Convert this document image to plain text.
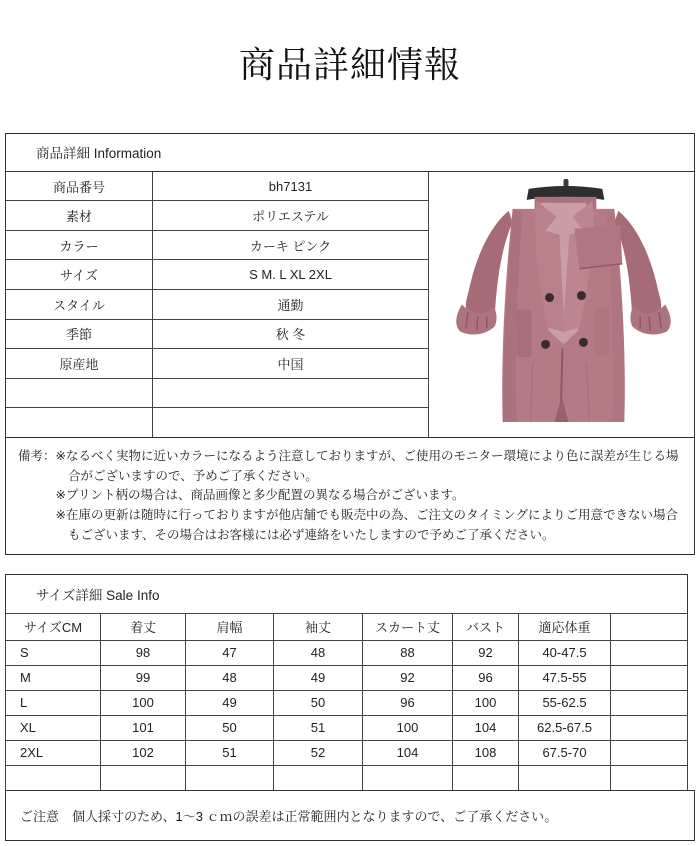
商品詳細情報
商品詳細 Information
商品番号	bh7131
素材	ポリエステル
カラー	カーキ ピンク
サイズ	S M. L XL 2XL
スタイル	通勤
季節	秋 冬
原産地	中国
備考： ※なるべく実物に近いカラーになるよう注意しておりますが、ご使用のモニター環境により色に誤差が生じる場合がございますので、予めご了承ください。
※プリント柄の場合は、商品画像と多少配置の異なる場合がございます。
※在庫の更新は随時に行っておりますが他店舗でも販売中の為、ご注文のタイミングによりご用意できない場合もございます、その場合はお客様には必ず連絡をいたしますので予めご了承ください。
サイズ詳細 Sale Info
サイズCM	着丈	肩幅	袖丈	スカート丈	バスト	適応体重	
S	98	47	48	88	92	40-47.5	
M	99	48	49	92	96	47.5-55	
L	100	49	50	96	100	55-62.5	
XL	101	50	51	100	104	62.5-67.5	
2XL	102	51	52	104	108	67.5-70	

ご注意　個人採寸のため、1～3 ｃｍの誤差は正常範囲内となりますので、ご了承ください。
